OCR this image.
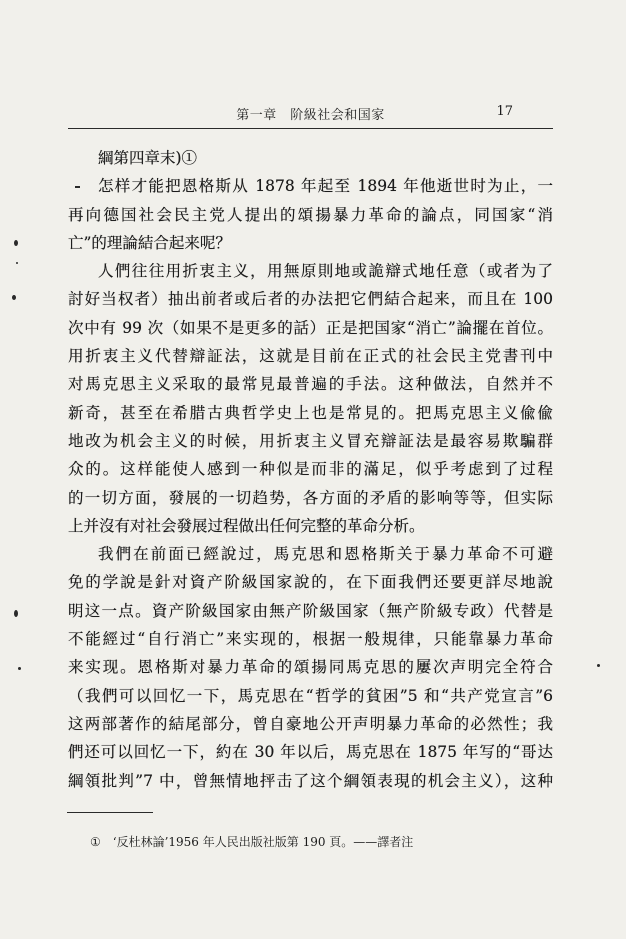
第一章　阶級社会和国家	17
綱第四章末)①
怎样才能把恩格斯从 1878 年起至 1894 年他逝世时为止，一
再向德国社会民主党人提出的頌揚暴力革命的論点，同国家“消
亡”的理論結合起来呢？
人們往往用折衷主义，用無原則地或詭辯式地任意（或者为了
討好当权者）抽出前者或后者的办法把它們結合起来，而且在 100
次中有 99 次（如果不是更多的話）正是把国家“消亡”論擺在首位。
用折衷主义代替辯証法，这就是目前在正式的社会民主党書刊中
对馬克思主义采取的最常見最普遍的手法。这种做法，自然并不
新奇，甚至在希腊古典哲学史上也是常見的。把馬克思主义偸偸
地改为机会主义的时候，用折衷主义冒充辯証法是最容易欺騙群
众的。这样能使人感到一种似是而非的滿足，似乎考虑到了过程
的一切方面，發展的一切趋势，各方面的矛盾的影响等等，但实际
上并沒有对社会發展过程做出任何完整的革命分析。
我們在前面已經說过，馬克思和恩格斯关于暴力革命不可避
免的学說是針对資产阶級国家說的，在下面我們还要更詳尽地說
明这一点。資产阶級国家由無产阶級国家（無产阶級专政）代替是
不能經过“自行消亡”来实现的，根据一般規律，只能靠暴力革命
来实现。恩格斯对暴力革命的頌揚同馬克思的屢次声明完全符合
（我們可以回忆一下，馬克思在“哲学的貧困”5 和“共产党宣言”6
这两部著作的結尾部分，曾自豪地公开声明暴力革命的必然性；我
們还可以回忆一下，約在 30 年以后，馬克思在 1875 年写的“哥达
綱領批判”7 中，曾無情地抨击了这个綱領表現的机会主义），这种
① ‘反杜林論’1956 年人民出版社版第 190 頁。——譯者注
